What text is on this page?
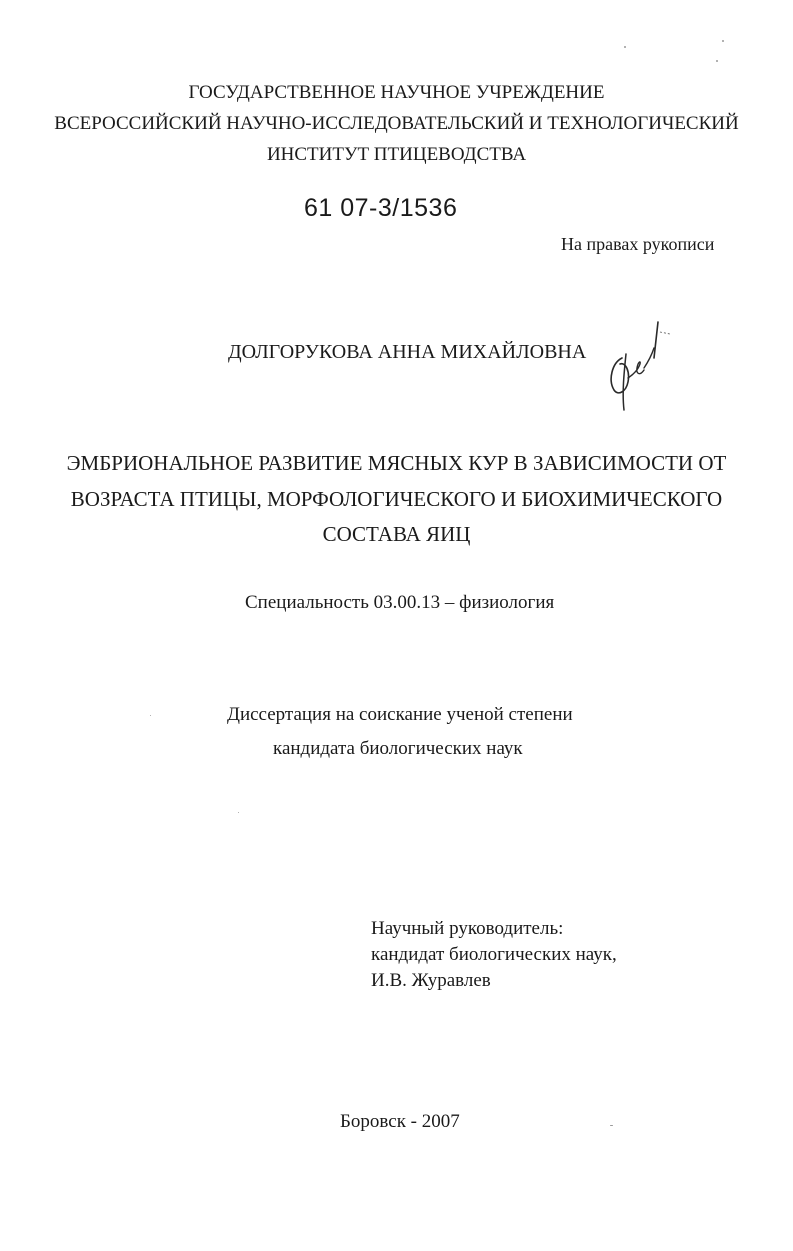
ГОСУДАРСТВЕННОЕ НАУЧНОЕ УЧРЕЖДЕНИЕ
ВСЕРОССИЙСКИЙ НАУЧНО-ИССЛЕДОВАТЕЛЬСКИЙ И ТЕХНОЛОГИЧЕСКИЙ
ИНСТИТУТ ПТИЦЕВОДСТВА
61 07-3/1536
На правах рукописи
ДОЛГОРУКОВА АННА МИХАЙЛОВНА
ЭМБРИОНАЛЬНОЕ РАЗВИТИЕ МЯСНЫХ КУР В ЗАВИСИМОСТИ ОТ
ВОЗРАСТА ПТИЦЫ, МОРФОЛОГИЧЕСКОГО И БИОХИМИЧЕСКОГО
СОСТАВА ЯИЦ
Специальность 03.00.13 – физиология
Диссертация на соискание ученой степени
кандидата биологических наук
Научный руководитель:
кандидат биологических наук,
И.В. Журавлев
Боровск - 2007
